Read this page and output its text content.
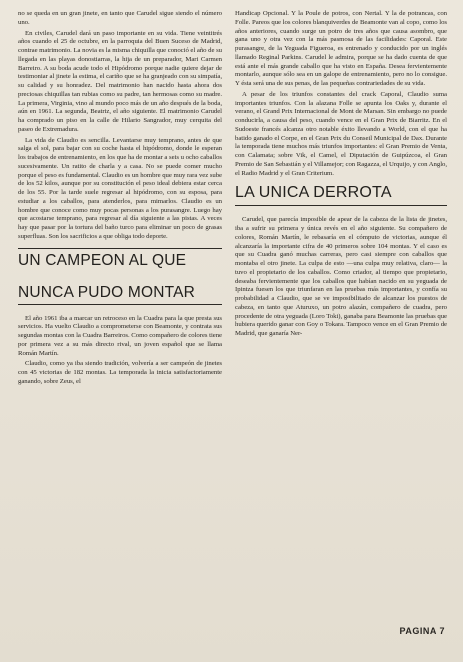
no se queda en un gran jinete, en tanto que Carudel sigue siendo el número uno.

En civiles, Carudel dará un paso importante en su vida. Tiene veintitrés años cuando el 25 de octubre, en la parroquia del Buen Suceso de Madrid, contrae matrimonio. La novia es la misma chiquilla que conoció el año de su llegada en las playas donostiarras, la hija de un preparador, Mari Carmen Barreiro. A su boda acude todo el Hipódromo porque nadie quiere dejar de testimoniar al jinete la estima, el cariño que se ha granjeado con su simpatía, su calidad y su honradez. Del matrimonio han nacido hasta ahora dos preciosas chiquillas tan rubias como su padre, tan hermosas como su madre. La primera, Virginia, vino al mundo poco más de un año después de la boda, aún en 1961. La segunda, Beatriz, el año siguiente. El matrimonio Carudel ha comprado un piso en la calle de Hilario Sangrador, muy cerquita del paseo de Extremadura.

La vida de Claudio es sencilla. Levantarse muy temprano, antes de que salga el sol, para bajar con su coche hasta el hipódromo, donde le esperan los trabajos de entrenamiento, en los que ha de montar a seis u ocho caballos sucesivamente. Un ratito de charla y a casa. No se puede comer mucho porque el peso es fundamental. Claudio es un hombre que muy rara vez sube de los 52 kilos, aunque por su constitución el peso ideal debiera estar cerca de los 55. Por la tarde suele regresar al hipódromo, con su esposa, para estudiar a los caballos, para atenderlos, para mimarlos. Claudio es un hombre que conoce como muy pocas personas a los purasangre. Luego hay que acostarse temprano, para regresar al día siguiente a las pistas. A veces hay que pasar por la tortura del baño turco para eliminar un poco de grasas superfluas. Son los sacrificios a que obliga todo deporte.

UN CAMPEON AL QUE
NUNCA PUDO MONTAR

El año 1961 iba a marcar un retroceso en la Cuadra para la que presta sus servicios. Ha vuelto Claudio a comprometerse con Beamonte, y contrata sus segundas montas con la Cuadra Barreiros. Como compañero de colores tiene por primera vez a su más directo rival, un joven español que se llama Román Martín.

Claudio, como ya iba siendo tradición, volvería a ser campeón de jinetes con 45 victorias de 182 montas. La temporada la inicia satisfactoriamente ganando, sobre Zeus, el

Handicap Opcional. Y la Poule de potros, con Nertal. Y la de potrancas, con Folle. Pareos que los colores blanquiverdes de Beamonte van al copo, como los años anteriores, cuando surge un potro de tres años que causa asombro, que gana uno y otra vez con la más pasmosa de las facilidades: Caporal. Este purasangre, de la Yeguada Figueroa, es entrenado y conducido por un inglés llamado Reginal Parkins. Carudel le admira, porque se ha dado cuenta de que está ante el más grande caballo que ha visto en España. Desea fervientemente montarlo, aunque sólo sea en un galope de entrenamiento, pero no lo consigue. Y ésta será una de sus penas, de las pequeñas contrariedades de su vida.

A pesar de los triunfos constantes del crack Caporal, Claudio suma importantes triunfos. Con la alazana Folle se apunta los Oaks y, durante el verano, el Grand Prix Internacional de Mont de Marsan. Sin embargo no puede conducirla, a causa del peso, cuando vence en el Gran Prix de Biarritz. En el Sudoeste francés alcanza otro notable éxito llevando a World, con el que ha batido ganado el Corpe, en el Gran Prix du Conseil Municipal de Dax. Durante la temporada tiene muchos más triunfos importantes: el Gran Premio de Venta, con Calamata; sobre Vik, el Camel, el Diputación de Guipúzcoa, el Gran Premio de San Sebastián y el Villamejor; con Ragazza, el Urquijo, y con Anglo, el Radio Madrid y el Gran Criterium.

LA UNICA DERROTA

Carudel, que parecía imposible de apear de la cabeza de la lista de jinetes, iba a sufrir su primera y única revés en el año siguiente. Su compañero de colores, Román Martín, le rebasaría en el cómputo de victorias, aunque él alcanzaría la importante cifra de 40 primeros sobre 104 montas. Y el caso es que su Cuadra ganó muchas carreras, pero casi siempre con caballos que montaba el otro jinete. La culpa de esto —una culpa muy relativa, claro— la tuvo el propietario de los caballos. Como criador, al tiempo que propietario, deseaba fervientemente que los caballos que habían nacido en su yeguada de Ipintza fuesen los que triunfaran en las pruebas más importantes, y confía su probabilidad a Claudio, que se ve imposibilitado de alcanzar los puestos de cabeza, en tanto que Aturuxo, un potro alazán, compañero de cuadra, pero procedente de otra yeguada (Loro Toki), ganaba para Beamonte las pruebas que hubiera querido ganar con Goy o Tokara. Tampoco vence en el Gran Premio de Madrid, que ganaría Ner-

PAGINA 7
